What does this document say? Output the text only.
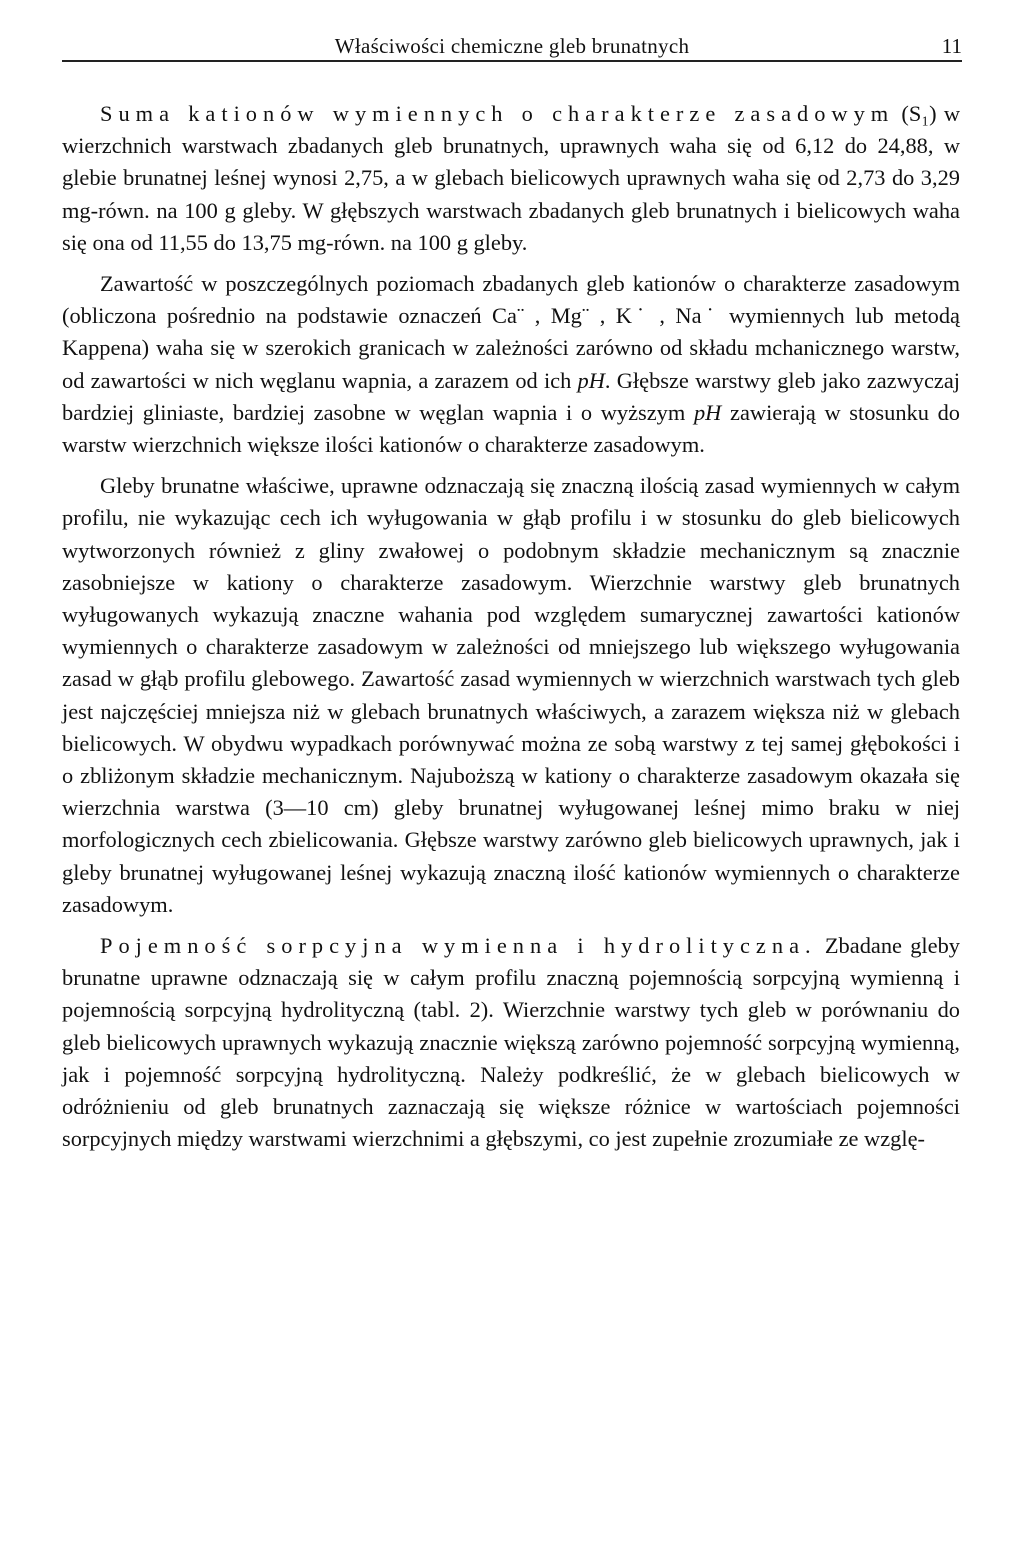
Właściwości chemiczne gleb brunatnych	11

Suma kationów wymiennych o charakterze zasadowym (S₁) w wierzchnich warstwach zbadanych gleb brunatnych, uprawnych waha się od 6,12 do 24,88, w glebie brunatnej leśnej wynosi 2,75, a w glebach bielicowych uprawnych waha się od 2,73 do 3,29 mg-równ. na 100 g gleby. W głębszych warstwach zbadanych gleb brunatnych i bielicowych waha się ona od 11,55 do 13,75 mg-równ. na 100 g gleby.

Zawartość w poszczególnych poziomach zbadanych gleb kationów o charakterze zasadowym (obliczona pośrednio na podstawie oznaczeń Ca¨ , Mg¨ , K˙ , Na˙ wymiennych lub metodą Kappena) waha się w szerokich granicach w zależności zarówno od składu mchanicznego warstw, od zawartości w nich węglanu wapnia, a zarazem od ich pH. Głębsze warstwy gleb jako zazwyczaj bardziej gliniaste, bardziej zasobne w węglan wapnia i o wyższym pH zawierają w stosunku do warstw wierzchnich większe ilości kationów o charakterze zasadowym.

Gleby brunatne właściwe, uprawne odznaczają się znaczną ilością zasad wymiennych w całym profilu, nie wykazując cech ich wyługowania w głąb profilu i w stosunku do gleb bielicowych wytworzonych również z gliny zwałowej o podobnym składzie mechanicznym są znacznie zasobniejsze w kationy o charakterze zasadowym. Wierzchnie warstwy gleb brunatnych wyługowanych wykazują znaczne wahania pod względem sumarycznej zawartości kationów wymiennych o charakterze zasadowym w zależności od mniejszego lub większego wyługowania zasad w głąb profilu glebowego. Zawartość zasad wymiennych w wierzchnich warstwach tych gleb jest najczęściej mniejsza niż w glebach brunatnych właściwych, a zarazem większa niż w glebach bielicowych. W obydwu wypadkach porównywać można ze sobą warstwy z tej samej głębokości i o zbliżonym składzie mechanicznym. Najuboższą w kationy o charakterze zasadowym okazała się wierzchnia warstwa (3—10 cm) gleby brunatnej wyługowanej leśnej mimo braku w niej morfologicznych cech zbielicowania. Głębsze warstwy zarówno gleb bielicowych uprawnych, jak i gleby brunatnej wyługowanej leśnej wykazują znaczną ilość kationów wymiennych o charakterze zasadowym.

Pojemność sorpcyjna wymienna i hydrolityczna. Zbadane gleby brunatne uprawne odznaczają się w całym profilu znaczną pojemnością sorpcyjną wymienną i pojemnością sorpcyjną hydrolityczną (tabl. 2). Wierzchnie warstwy tych gleb w porównaniu do gleb bielicowych uprawnych wykazują znacznie większą zarówno pojemność sorpcyjną wymienną, jak i pojemność sorpcyjną hydrolityczną. Należy podkreślić, że w glebach bielicowych w odróżnieniu od gleb brunatnych zaznaczają się większe różnice w wartościach pojemności sorpcyjnych między warstwami wierzchnimi a głębszymi, co jest zupełnie zrozumiałe ze wzglę-
